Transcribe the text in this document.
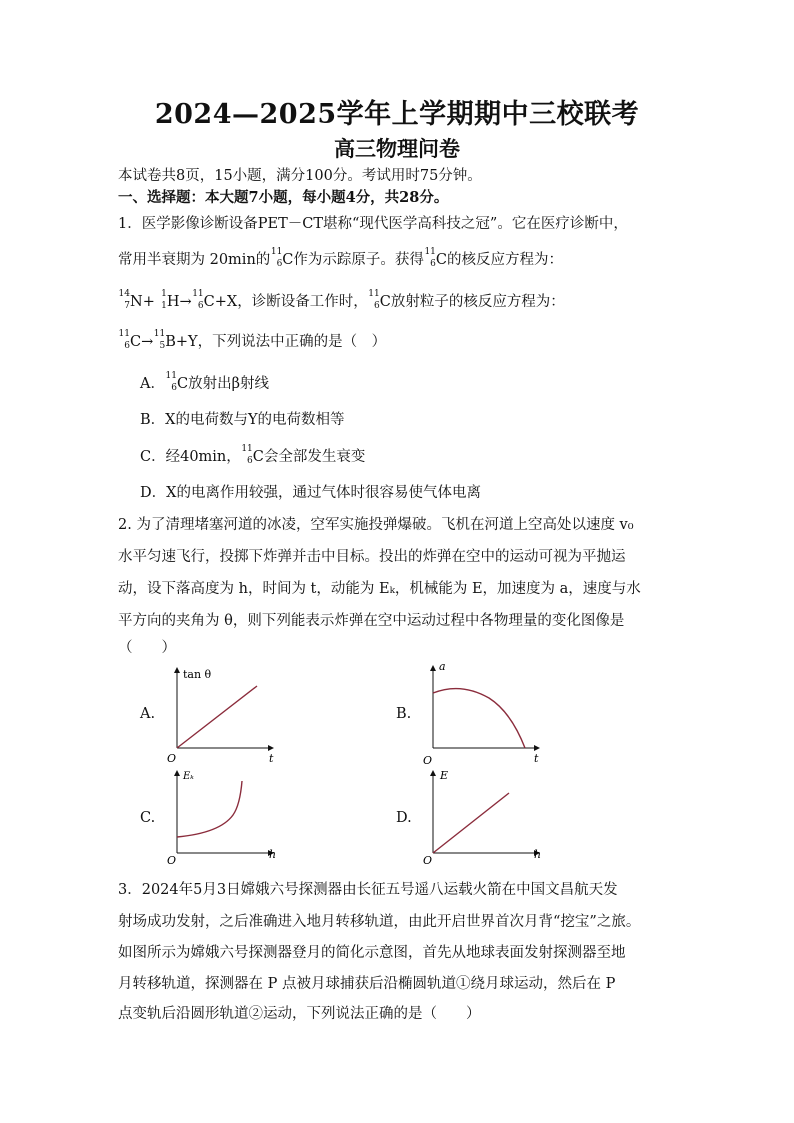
2024—2025学年上学期期中三校联考
高三物理问卷
本试卷共8页，15小题，满分100分。考试用时75分钟。
一、选择题：本大题7小题，每小题4分，共28分。
1．医学影像诊断设备PET－CT堪称“现代医学高科技之冠”。它在医疗诊断中，
常用半衰期为 20min的 11
6 C作为示踪原子。获得 11
6 C的核反应方程为：
14
7 N+ 1
1 H→ 11
6 C+X，诊断设备工作时， 11
6 C放射粒子的核反应方程为：
11
6 C→ 11
5 B+Y，下列说法中正确的是（　）
A． 11
6 C放射出β射线
B．X的电荷数与Y的电荷数相等
C．经40min， 11
6 C会全部发生衰变
D．X的电离作用较强，通过气体时很容易使气体电离
2. 为了清理堵塞河道的冰凌，空军实施投弹爆破。飞机在河道上空高处以速度 v₀
水平匀速飞行，投掷下炸弹并击中目标。投出的炸弹在空中的运动可视为平抛运
动，设下落高度为 h，时间为 t，动能为 Eₖ，机械能为 E，加速度为 a，速度与水
平方向的夹角为 θ，则下列能表示炸弹在空中运动过程中各物理量的变化图像是
（　　）
A.
tan θ
t
O
B.
a
t
O
C.
Eₖ
h
O
D.
E
h
O
3．2024年5月3日嫦娥六号探测器由长征五号遥八运载火箭在中国文昌航天发
射场成功发射，之后准确进入地月转移轨道，由此开启世界首次月背“挖宝”之旅。
如图所示为嫦娥六号探测器登月的简化示意图，首先从地球表面发射探测器至地
月转移轨道，探测器在 P 点被月球捕获后沿椭圆轨道①绕月球运动，然后在 P
点变轨后沿圆形轨道②运动，下列说法正确的是（　　）
